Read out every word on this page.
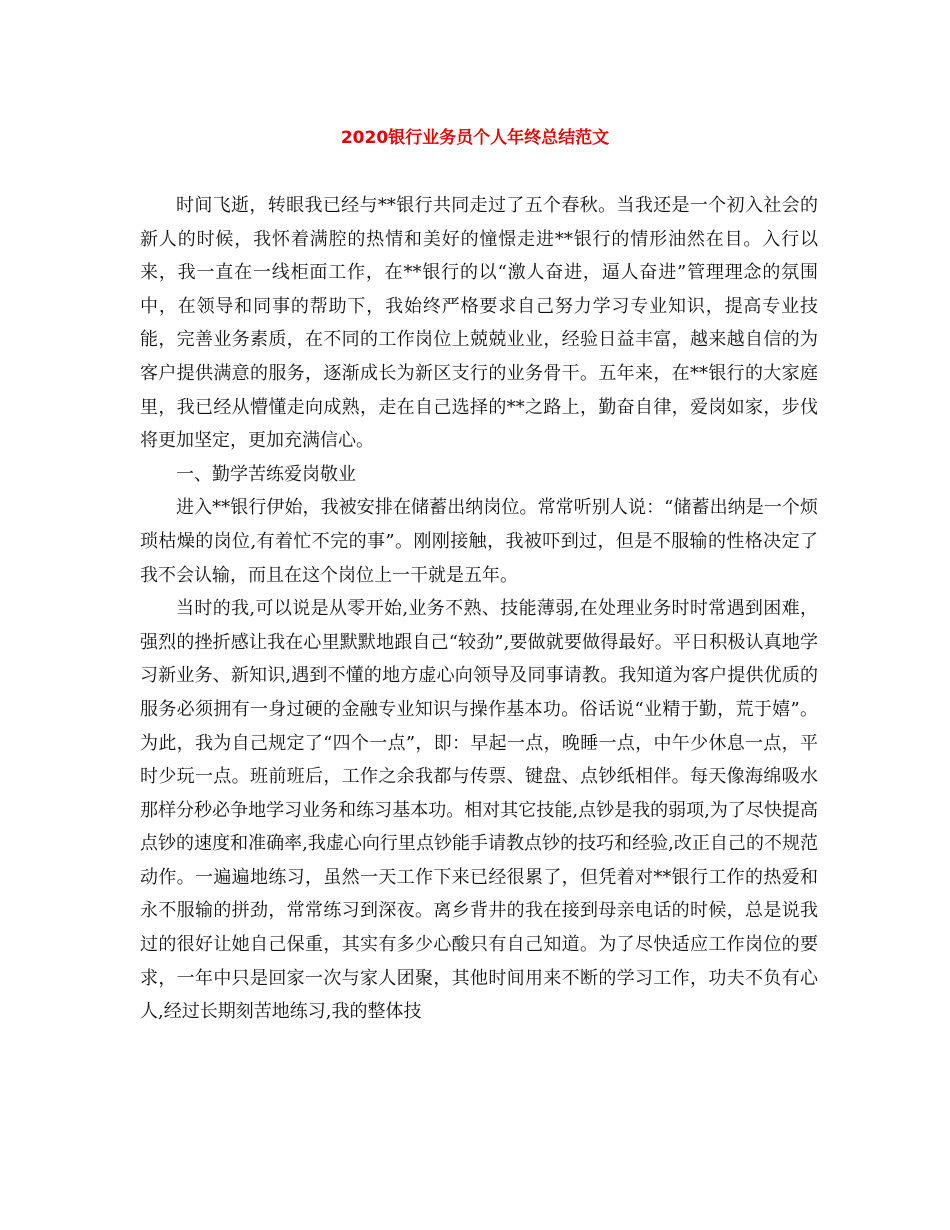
2020银行业务员个人年终总结范文

时间飞逝，转眼我已经与**银行共同走过了五个春秋。当我还是一个初入社会的新人的时候，我怀着满腔的热情和美好的憧憬走进**银行的情形油然在目。入行以来，我一直在一线柜面工作，在**银行的以“激人奋进，逼人奋进”管理理念的氛围中，在领导和同事的帮助下，我始终严格要求自己努力学习专业知识，提高专业技能，完善业务素质，在不同的工作岗位上兢兢业业，经验日益丰富，越来越自信的为客户提供满意的服务，逐渐成长为新区支行的业务骨干。五年来，在**银行的大家庭里，我已经从懵懂走向成熟，走在自己选择的**之路上，勤奋自律，爱岗如家，步伐将更加坚定，更加充满信心。

一、勤学苦练爱岗敬业

进入**银行伊始，我被安排在储蓄出纳岗位。常常听别人说：“储蓄出纳是一个烦琐枯燥的岗位,有着忙不完的事”。刚刚接触，我被吓到过，但是不服输的性格决定了我不会认输，而且在这个岗位上一干就是五年。

当时的我,可以说是从零开始,业务不熟、技能薄弱,在处理业务时时常遇到困难，强烈的挫折感让我在心里默默地跟自己“较劲”,要做就要做得最好。平日积极认真地学习新业务、新知识,遇到不懂的地方虚心向领导及同事请教。我知道为客户提供优质的服务必须拥有一身过硬的金融专业知识与操作基本功。俗话说“业精于勤，荒于嬉”。为此，我为自己规定了“四个一点”，即：早起一点，晚睡一点，中午少休息一点，平时少玩一点。班前班后，工作之余我都与传票、键盘、点钞纸相伴。每天像海绵吸水那样分秒必争地学习业务和练习基本功。相对其它技能,点钞是我的弱项,为了尽快提高点钞的速度和准确率,我虚心向行里点钞能手请教点钞的技巧和经验,改正自己的不规范动作。一遍遍地练习，虽然一天工作下来已经很累了，但凭着对**银行工作的热爱和永不服输的拼劲，常常练习到深夜。离乡背井的我在接到母亲电话的时候，总是说我过的很好让她自己保重，其实有多少心酸只有自己知道。为了尽快适应工作岗位的要求，一年中只是回家一次与家人团聚，其他时间用来不断的学习工作，功夫不负有心人,经过长期刻苦地练习,我的整体技
